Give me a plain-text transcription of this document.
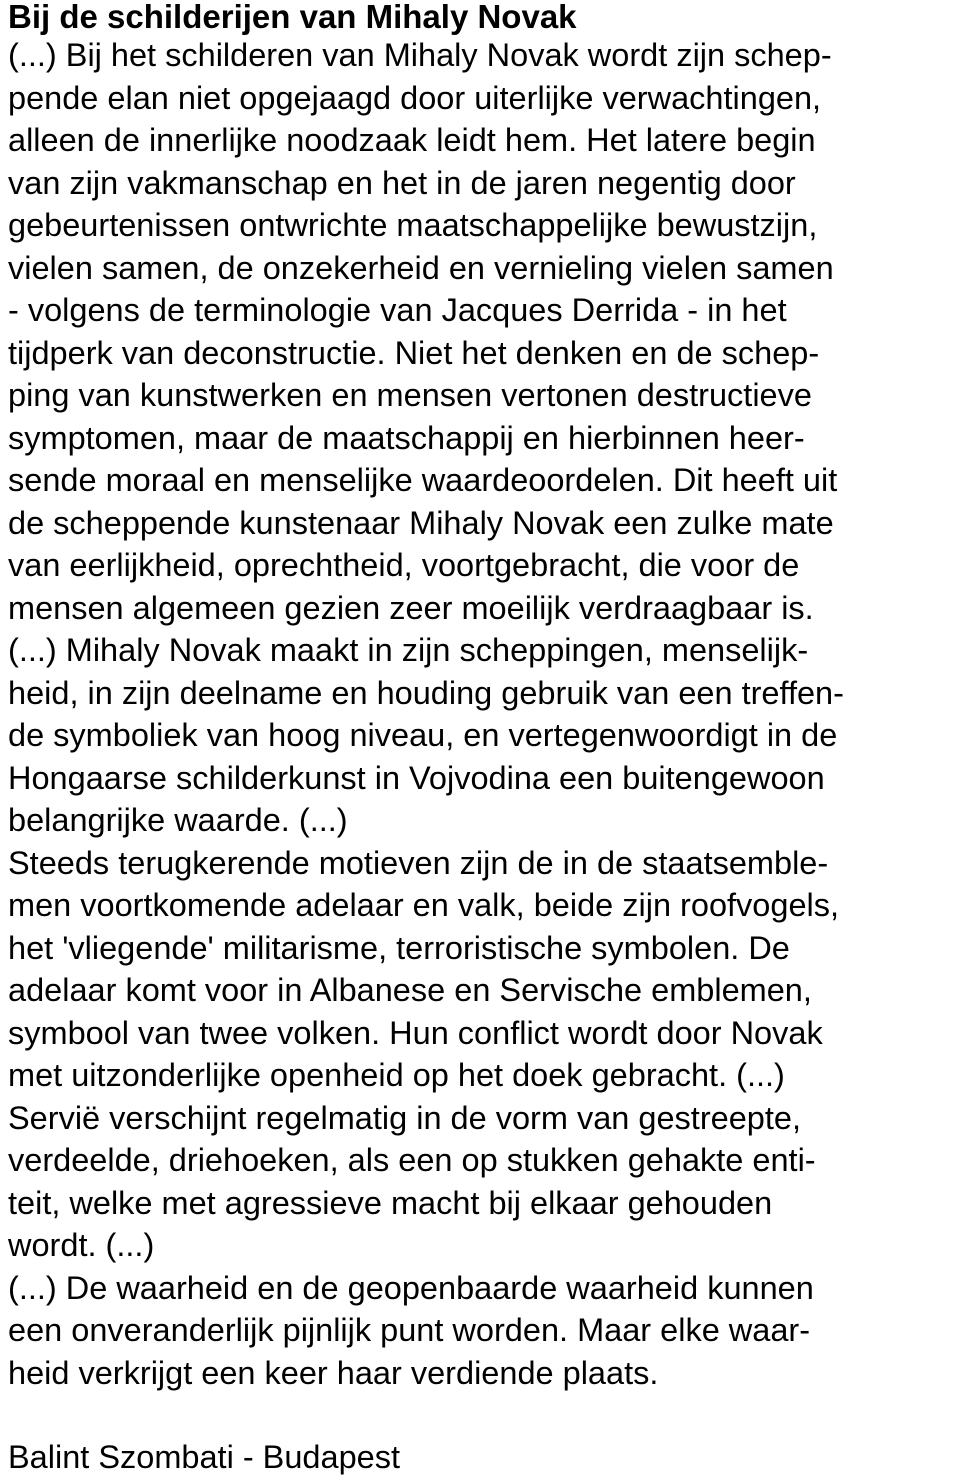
Bij de schilderijen van Mihaly Novak
(...) Bij het schilderen van Mihaly Novak wordt zijn schep-
pende elan niet opgejaagd door uiterlijke verwachtingen,
alleen de innerlijke noodzaak leidt hem. Het latere begin
van zijn vakmanschap en het in de jaren negentig door
gebeurtenissen ontwrichte maatschappelijke bewustzijn,
vielen samen, de onzekerheid en vernieling vielen samen
- volgens de terminologie van Jacques Derrida - in het
tijdperk van deconstructie. Niet het denken en de schep-
ping van kunstwerken en mensen vertonen destructieve
symptomen, maar de maatschappij en hierbinnen heer-
sende moraal en menselijke waardeoordelen. Dit heeft uit
de scheppende kunstenaar Mihaly Novak een zulke mate
van eerlijkheid, oprechtheid, voortgebracht, die voor de
mensen algemeen gezien zeer moeilijk verdraagbaar is.
(...) Mihaly Novak maakt in zijn scheppingen, menselijk-
heid, in zijn deelname en houding gebruik van een treffen-
de symboliek van hoog niveau, en vertegenwoordigt in de
Hongaarse schilderkunst in Vojvodina een buitengewoon
belangrijke waarde. (...)
Steeds terugkerende motieven zijn de in de staatsemble-
men voortkomende adelaar en valk, beide zijn roofvogels,
het 'vliegende' militarisme, terroristische symbolen. De
adelaar komt voor in Albanese en Servische emblemen,
symbool van twee volken. Hun conflict wordt door Novak
met uitzonderlijke openheid op het doek gebracht. (...)
Servië verschijnt regelmatig in de vorm van gestreepte,
verdeelde, driehoeken, als een op stukken gehakte enti-
teit, welke met agressieve macht bij elkaar gehouden
wordt. (...)
(...) De waarheid en de geopenbaarde waarheid kunnen
een onveranderlijk pijnlijk punt worden. Maar elke waar-
heid verkrijgt een keer haar verdiende plaats.
Balint Szombati - Budapest
